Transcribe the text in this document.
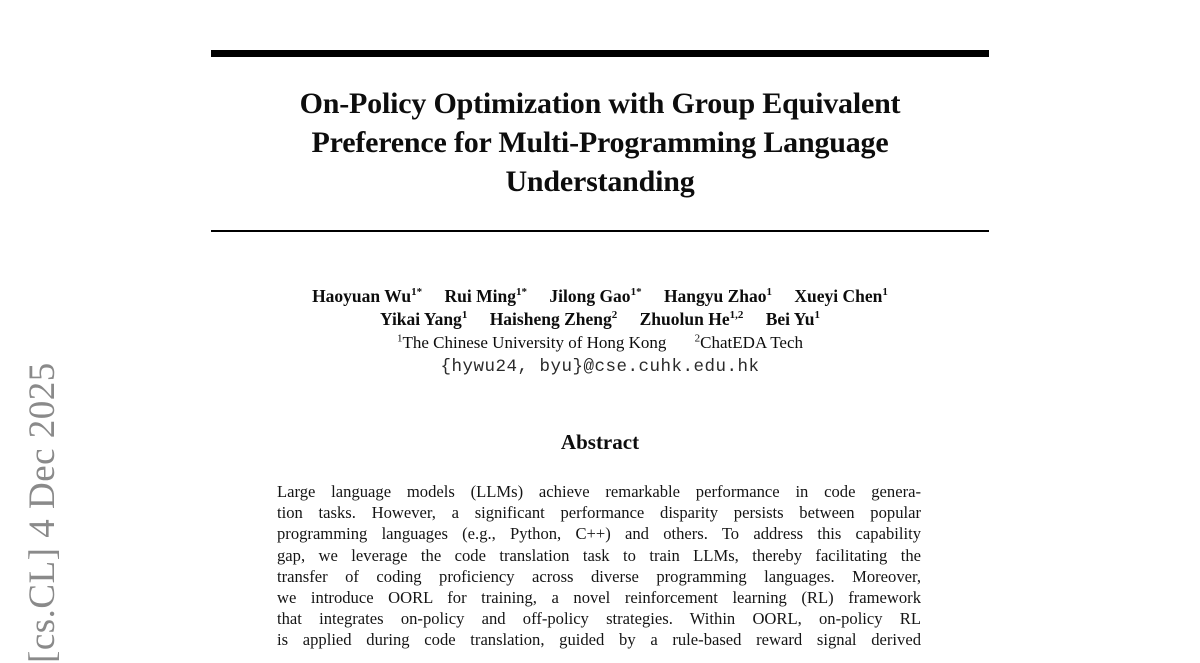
[cs.CL] 4 Dec 2025
On-Policy Optimization with Group Equivalent
Preference for Multi-Programming Language
Understanding
Haoyuan $Wu^{1*}$ Rui Ming$^{1*}$ Jilong Gao$^{1*}$ Hangyu Zhao$^1$ Xueyi Chen$^1$
Yikai Yang$^1$ Haisheng Zheng$^2$ Zhuolun He$^{1,2}$ Bei Yu$^1$
$^1$The Chinese University of Hong Kong	$^2$ChatEDA Tech
{hywu24, byu}@cse.cuhk.edu.hk
Abstract
Large language models (LLMs) achieve remarkable performance in code genera-
tion tasks. However, a significant performance disparity persists between popular
programming languages (e.g., Python, C++) and others. To address this capability
gap, we leverage the code translation task to train LLMs, thereby facilitating the
transfer of coding proficiency across diverse programming languages. Moreover,
we introduce OORL for training, a novel reinforcement learning (RL) framework
that integrates on-policy and off-policy strategies. Within OORL, on-policy RL
is applied during code translation, guided by a rule-based reward signal derived
